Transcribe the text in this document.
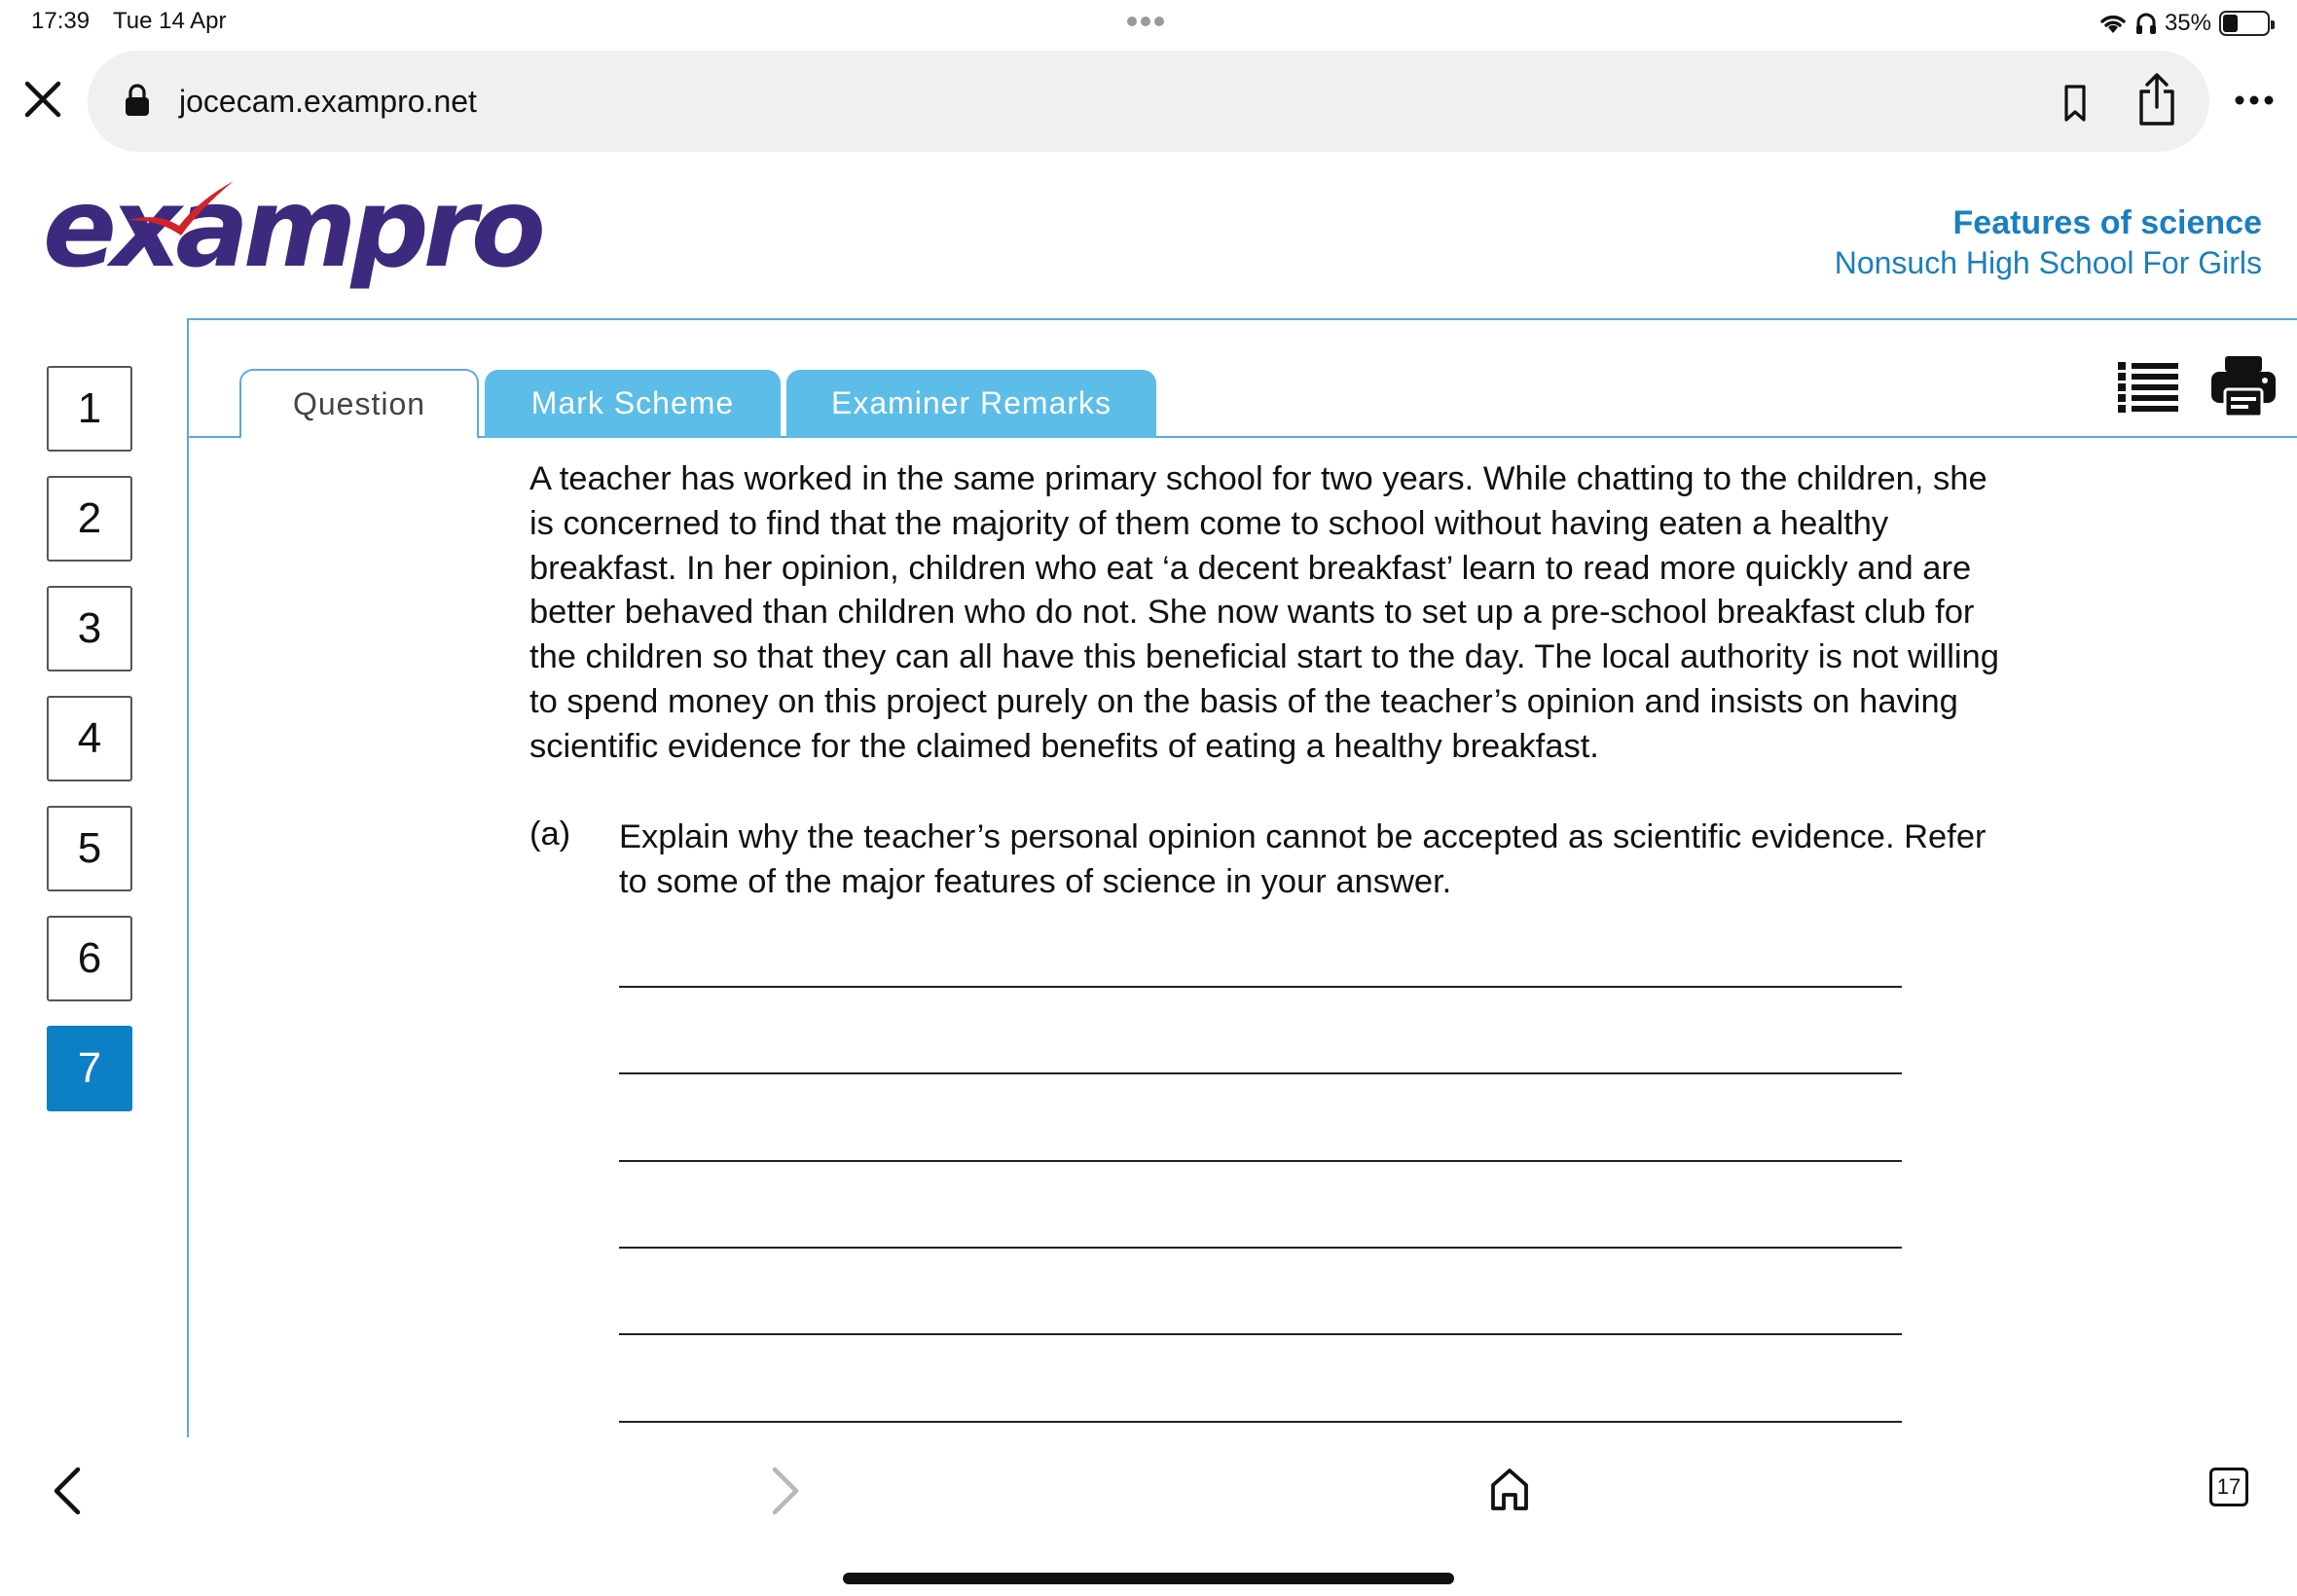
17:39 Tue 14 Apr	35%
jocecam.exampro.net
exampro	Features of science
Nonsuch High School For Girls
1
2
3
4
5
6
7
Question	Mark Scheme	Examiner Remarks
A teacher has worked in the same primary school for two years. While chatting to the children, she is concerned to find that the majority of them come to school without having eaten a healthy breakfast. In her opinion, children who eat ‘a decent breakfast’ learn to read more quickly and are better behaved than children who do not. She now wants to set up a pre-school breakfast club for the children so that they can all have this beneficial start to the day. The local authority is not willing to spend money on this project purely on the basis of the teacher’s opinion and insists on having scientific evidence for the claimed benefits of eating a healthy breakfast.
(a) Explain why the teacher’s personal opinion cannot be accepted as scientific evidence. Refer to some of the major features of science in your answer.
17
